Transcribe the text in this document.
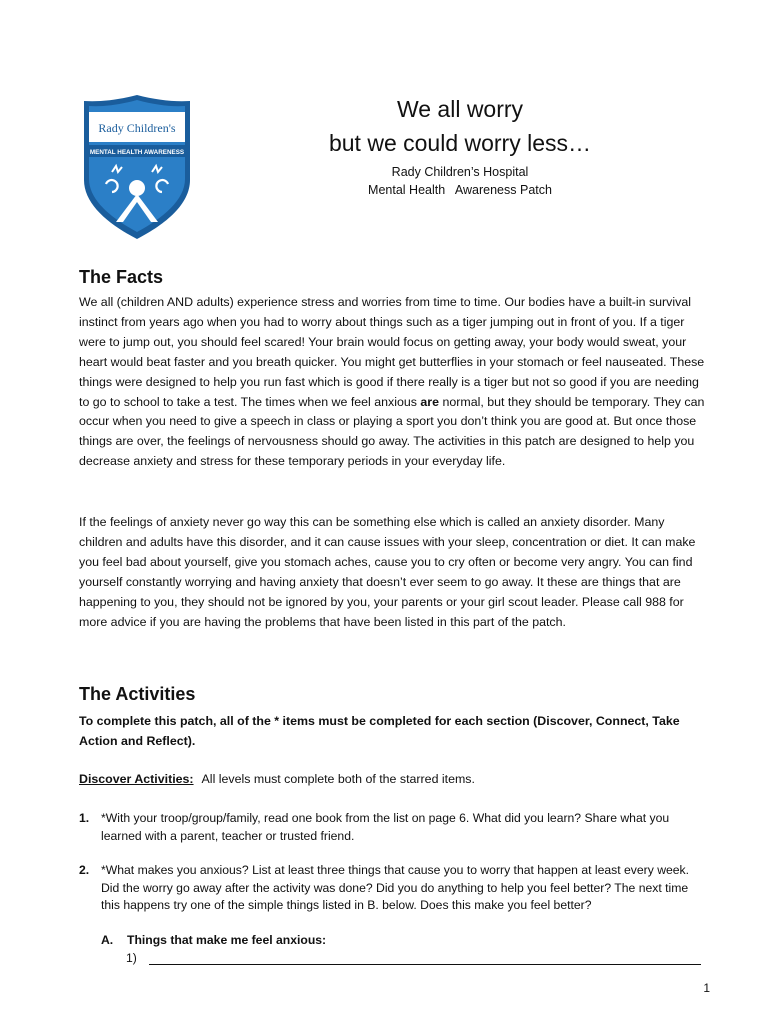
Rady Children's
MENTAL HEALTH AWARENESS
We all worry
but we could worry less…
Rady Children’s Hospital
Mental Health   Awareness Patch
The Facts

We all (children AND adults) experience stress and worries from time to time. Our bodies have a built-in survival instinct from years ago when you had to worry about things such as a tiger jumping out in front of you. If a tiger were to jump out, you should feel scared! Your brain would focus on getting away, your body would sweat, your heart would beat faster and you breath quicker. You might get butterflies in your stomach or feel nauseated. These things were designed to help you run fast which is good if there really is a tiger but not so good if you are needing to go to school to take a test. The times when we feel anxious are normal, but they should be temporary. They can occur when you need to give a speech in class or playing a sport you don’t think you are good at. But once those things are over, the feelings of nervousness should go away. The activities in this patch are designed to help you decrease anxiety and stress for these temporary periods in your everyday life.

If the feelings of anxiety never go way this can be something else which is called an anxiety disorder. Many children and adults have this disorder, and it can cause issues with your sleep, concentration or diet. It can make you feel bad about yourself, give you stomach aches, cause you to cry often or become very angry. You can find yourself constantly worrying and having anxiety that doesn’t ever seem to go away. It these are things that are happening to you, they should not be ignored by you, your parents or your girl scout leader. Please call 988 for more advice if you are having the problems that have been listed in this part of the patch.

The Activities

To complete this patch, all of the * items must be completed for each section (Discover, Connect, Take Action and Reflect).

Discover Activities: All levels must complete both of the starred items.
1. *With your troop/group/family, read one book from the list on page 6. What did you learn? Share what you learned with a parent, teacher or trusted friend.
2. *What makes you anxious? List at least three things that cause you to worry that happen at least every week. Did the worry go away after the activity was done? Did you do anything to help you feel better? The next time this happens try one of the simple things listed in B. below. Does this make you feel better?
A. Things that make me feel anxious:
1)
1
